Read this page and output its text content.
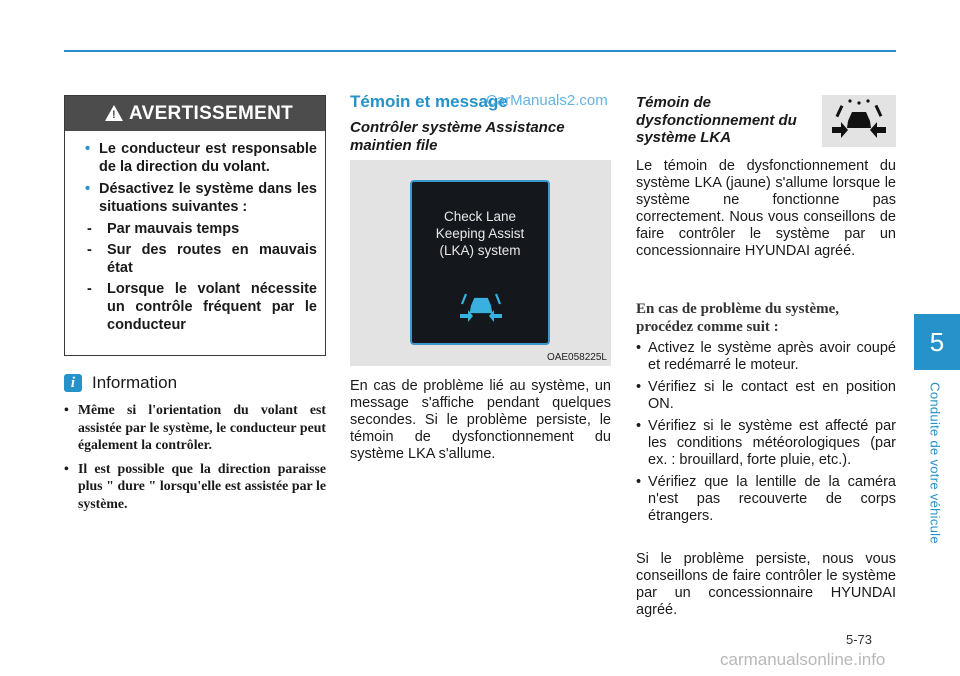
5
Conduite de votre véhicule
! AVERTISSEMENT
• Le conducteur est responsable de la direction du volant.
• Désactivez le système dans les situations suivantes :
- Par mauvais temps
- Sur des routes en mauvais état
- Lorsque le volant nécessite un contrôle fréquent par le conducteur
i Information
• Même si l'orientation du volant est assistée par le système, le conducteur peut également la contrôler.
• Il est possible que la direction paraisse plus " dure " lorsqu'elle est assistée par le système.
Témoin et message
CarManuals2.com
Contrôler système Assistance maintien file
Check Lane
Keeping Assist
(LKA) system
OAE058225L
En cas de problème lié au système, un message s'affiche pendant quelques secondes. Si le problème persiste, le témoin de dysfonctionnement du système LKA s'allume.
Témoin de dysfonctionnement du système LKA
Le témoin de dysfonctionnement du système LKA (jaune) s'allume lorsque le système ne fonctionne pas correctement. Nous vous conseillons de faire contrôler le système par un concessionnaire HYUNDAI agréé.
En cas de problème du système, procédez comme suit :
• Activez le système après avoir coupé et redémarré le moteur.
• Vérifiez si le contact est en position ON.
• Vérifiez si le système est affecté par les conditions météorologiques (par ex. : brouillard, forte pluie, etc.).
• Vérifiez que la lentille de la caméra n'est pas recouverte de corps étrangers.
Si le problème persiste, nous vous conseillons de faire contrôler le système par un concessionnaire HYUNDAI agréé.
5-73
carmanualsonline.info
